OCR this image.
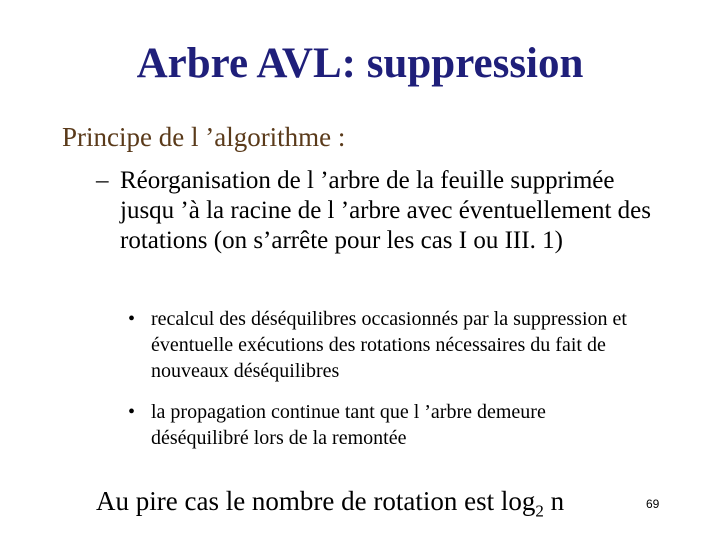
Arbre AVL: suppression
Principe de l ’algorithme :
– Réorganisation de l ’arbre de la feuille supprimée jusqu ’à la racine de l ’arbre avec éventuellement des rotations (on s’arrête pour les cas I ou III. 1)
• recalcul des déséquilibres occasionnés par la suppression et éventuelle exécutions des rotations nécessaires du fait de nouveaux déséquilibres
• la propagation continue tant que l ’arbre demeure déséquilibré lors de la remontée
Au pire cas le nombre de rotation est $\log_2 n$	69
